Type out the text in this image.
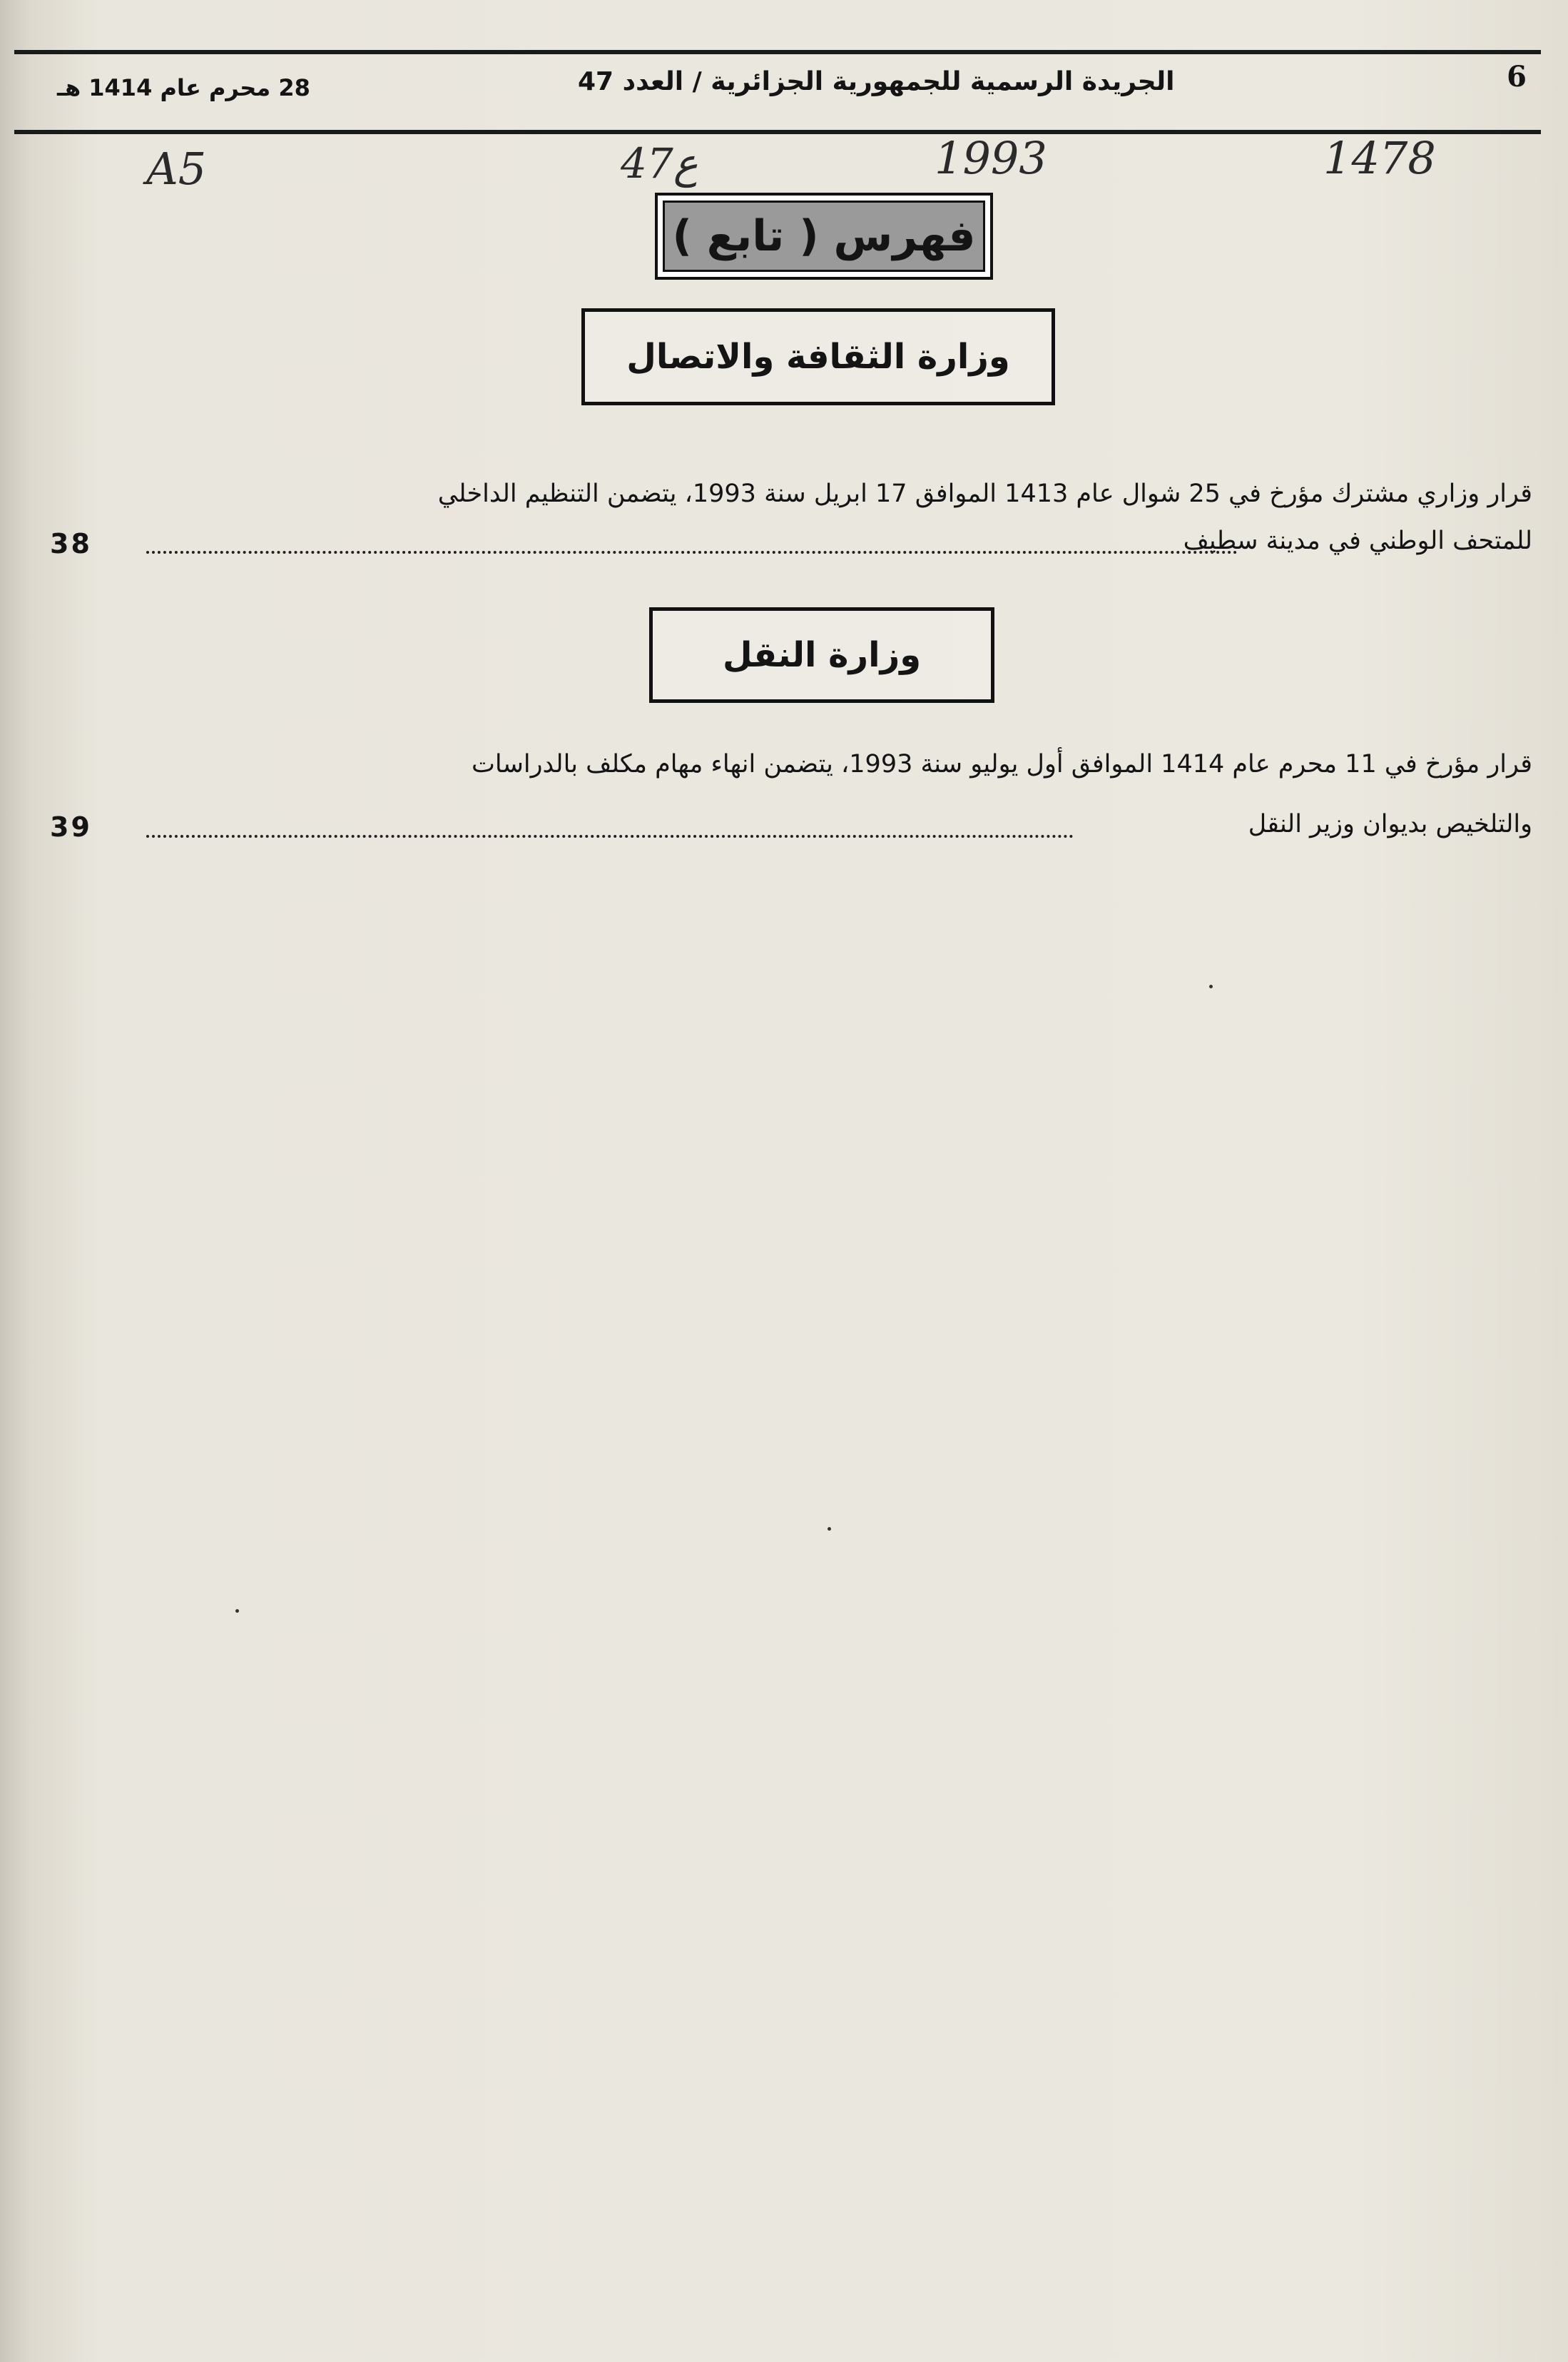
6
الجريدة الرسمية للجمهورية الجزائرية / العدد 47
28 محرم عام 1414 هـ
A5	47ع	1993	1478
فهرس ( تابع )
وزارة الثقافة والاتصال
قرار وزاري مشترك مؤرخ في 25 شوال عام 1413 الموافق 17 ابريل سنة 1993، يتضمن التنظيم الداخلي
للمتحف الوطني في مدينة سطيف
38
وزارة النقل
قرار مؤرخ في 11 محرم عام 1414 الموافق أول يوليو سنة 1993، يتضمن انهاء مهام مكلف بالدراسات
والتلخيص بديوان وزير النقل
39
